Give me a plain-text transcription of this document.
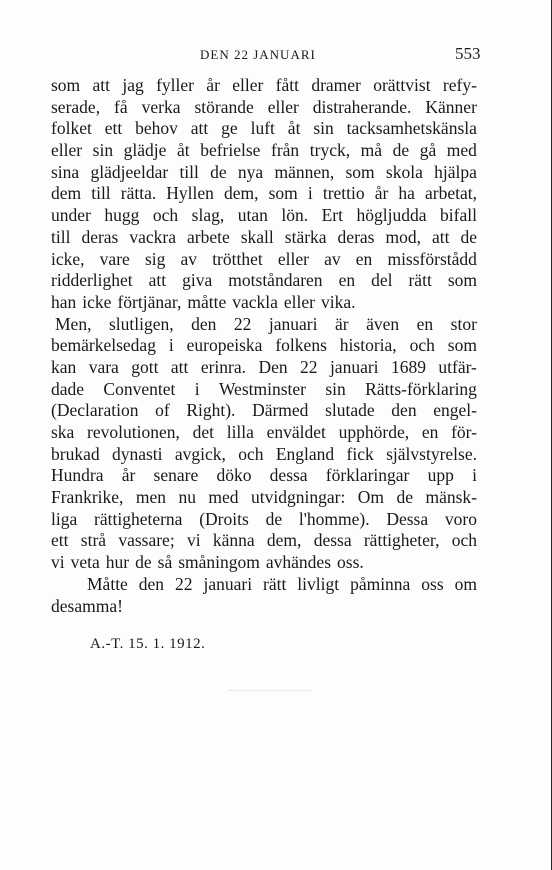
DEN 22 JANUARI	553
som att jag fyller år eller fått dramer orättvist refy-
serade, få verka störande eller distraherande. Känner
folket ett behov att ge luft åt sin tacksamhetskänsla
eller sin glädje åt befrielse från tryck, må de gå med
sina glädjeeldar till de nya männen, som skola hjälpa
dem till rätta. Hyllen dem, som i trettio år ha arbetat,
under hugg och slag, utan lön. Ert högljudda bifall
till deras vackra arbete skall stärka deras mod, att de
icke, vare sig av trötthet eller av en missförstådd
ridderlighet att giva motståndaren en del rätt som
han icke förtjänar, måtte vackla eller vika.
Men, slutligen, den 22 januari är även en stor
bemärkelsedag i europeiska folkens historia, och som
kan vara gott att erinra. Den 22 januari 1689 utfär-
dade Conventet i Westminster sin Rätts-förklaring
(Declaration of Right). Därmed slutade den engel-
ska revolutionen, det lilla enväldet upphörde, en för-
brukad dynasti avgick, och England fick självstyrelse.
Hundra år senare döko dessa förklaringar upp i
Frankrike, men nu med utvidgningar: Om de mänsk-
liga rättigheterna (Droits de l'homme). Dessa voro
ett strå vassare; vi känna dem, dessa rättigheter, och
vi veta hur de så småningom avhändes oss.
Måtte den 22 januari rätt livligt påminna oss om
desamma!
A.-T. 15. 1. 1912.
